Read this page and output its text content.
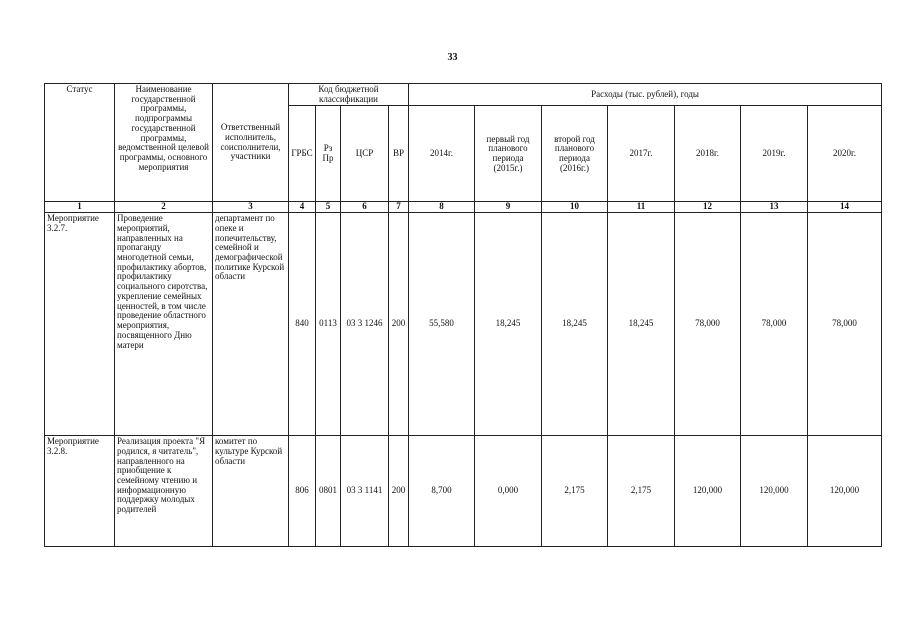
33
Статус	Наименование государственной программы, подпрограммы государственной программы, ведомственной целевой программы, основного мероприятия	Ответственный исполнитель, соисполнители, участники	Код бюджетной классификации				Расходы (тыс. рублей), годы						
			ГРБС	Рз Пр	ЦСР	ВР	2014г.	первый год планового периода (2015г.)	второй год планового периода (2016г.)	2017г.	2018г.	2019г.	2020г.
1	2	3	4	5	6	7	8	9	10	11	12	13	14
Мероприятие 3.2.7.	Проведение мероприятий, направленных на пропаганду многодетной семьи, профилактику абортов, профилактику социального сиротства, укрепление семейных ценностей, в том числе проведение областного мероприятия, посвященного Дню матери	департамент по опеке и попечительству, семейной и демографической политике Курской области	840	0113	03 3 1246	200	55,580	18,245	18,245	18,245	78,000	78,000	78,000
Мероприятие 3.2.8.	Реализация проекта "Я родился, я читатель", направленного на приобщение к семейному чтению и информационную поддержку молодых родителей	комитет по культуре Курской области	806	0801	03 3 1141	200	8,700	0,000	2,175	2,175	120,000	120,000	120,000
